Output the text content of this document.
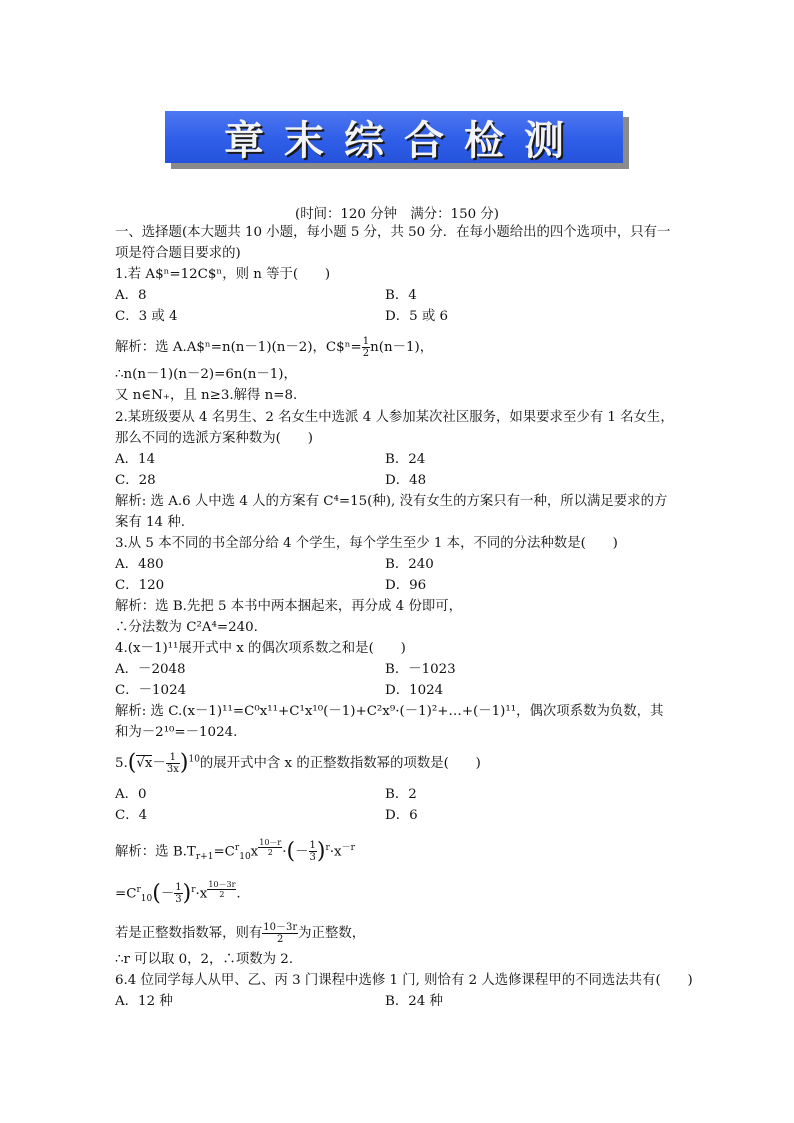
章末综合检测
(时间：120 分钟　满分：150 分)
一、选择题(本大题共 10 小题，每小题 5 分，共 50 分．在每小题给出的四个选项中，只有一
项是符合题目要求的)
1.若 A$ⁿ=12C$ⁿ，则 n 等于(　　)
A．8	B．4
C．3 或 4	D．5 或 6
解析：选 A.A$ⁿ=n(n－1)(n－2)，C$ⁿ= $\frac{1}{2} n(n-1)$，
∴n(n－1)(n－2)=6n(n－1)，
又 n∈N₊，且 n≥3.解得 n=8.
2.某班级要从 4 名男生、2 名女生中选派 4 人参加某次社区服务，如果要求至少有 1 名女生，
那么不同的选派方案种数为(　　)
A．14	B．24
C．28	D．48
解析: 选 A.6 人中选 4 人的方案有 C⁴=15(种), 没有女生的方案只有一种，所以满足要求的方
案有 14 种.
3.从 5 本不同的书全部分给 4 个学生，每个学生至少 1 本，不同的分法种数是(　　)
A．480	B．240
C．120	D．96
解析：选 B.先把 5 本书中两本捆起来，再分成 4 份即可，
∴分法数为 C²A⁴=240.
4.(x－1)¹¹展开式中 x 的偶次项系数之和是(　　)
A．－2048	B．－1023
C．－1024	D．1024
解析: 选 C.(x－1)¹¹=C⁰x¹¹+C¹x¹⁰(－1)+C²x⁹·(－1)²+…+(－1)¹¹，偶次项系数为负数，其
和为－2¹⁰=－1024.
$5.(√x- \frac{1}{3x} )^{10}$的展开式中含 x 的正整数指数幂的项数是(　　)
A．0	B．2
C．4	D．6
解析：选 $B.T_{r+1}=C^r_{10}x$ $^{\frac{10-r}{2}}$ ·(－ $\frac{1}{3} )^r\cdot x^{-r}$
$=C^r_{10}(- \frac{1}{3} )^r\cdot x$ $^{\frac{10-3r}{2}}$ .
若是正整数指数幂，则有 $\frac{10-3r}{2}$ 为正整数，
∴r 可以取 0，2，∴项数为 2.
6.4 位同学每人从甲、乙、丙 3 门课程中选修 1 门, 则恰有 2 人选修课程甲的不同选法共有(　　)
A．12 种	B．24 种
